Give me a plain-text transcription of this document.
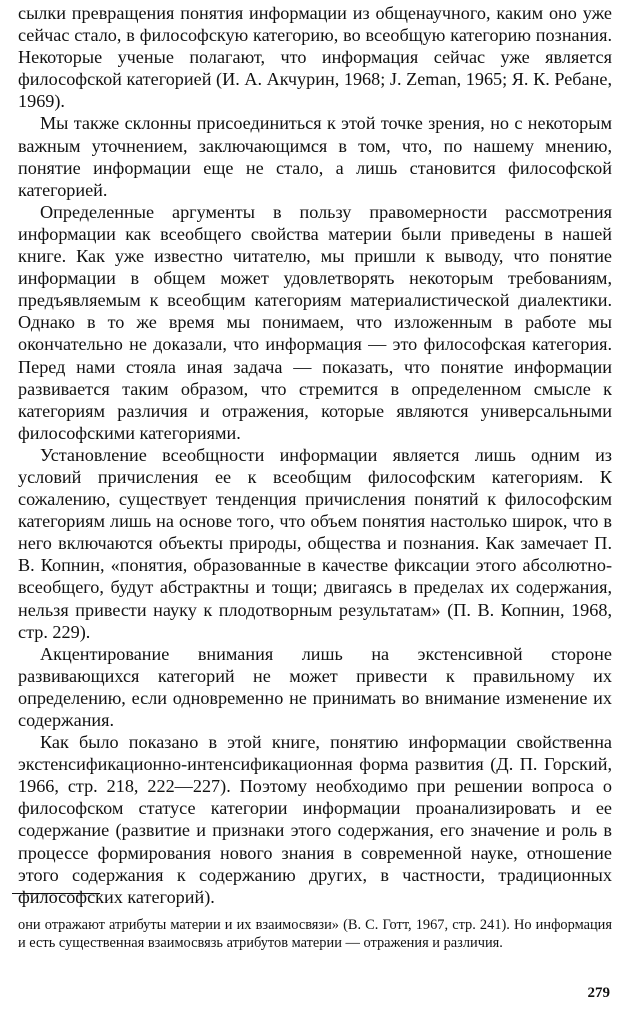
сылки превращения понятия информации из общенаучного, каким оно уже сейчас стало, в философскую категорию, во всеобщую категорию познания. Некоторые ученые полагают, что информация сейчас уже является философской категорией (И. А. Акчурин, 1968; J. Zeman, 1965; Я. К. Ребане, 1969).

Мы также склонны присоединиться к этой точке зрения, но с некоторым важным уточнением, заключающимся в том, что, по нашему мнению, понятие информации еще не стало, а лишь становится философской категорией.

Определенные аргументы в пользу правомерности рассмотрения информации как всеобщего свойства материи были приведены в нашей книге. Как уже известно читателю, мы пришли к выводу, что понятие информации в общем может удовлетворять некоторым требованиям, предъявляемым к всеобщим категориям материалистической диалектики. Однако в то же время мы понимаем, что изложенным в работе мы окончательно не доказали, что информация — это философская категория. Перед нами стояла иная задача — показать, что понятие информации развивается таким образом, что стремится в определенном смысле к категориям различия и отражения, которые являются универсальными философскими категориями.

Установление всеобщности информации является лишь одним из условий причисления ее к всеобщим философским категориям. К сожалению, существует тенденция причисления понятий к философским категориям лишь на основе того, что объем понятия настолько широк, что в него включаются объекты природы, общества и познания. Как замечает П. В. Копнин, «понятия, образованные в качестве фиксации этого абсолютно-всеобщего, будут абстрактны и тощи; двигаясь в пределах их содержания, нельзя привести науку к плодотворным результатам» (П. В. Копнин, 1968, стр. 229).

Акцентирование внимания лишь на экстенсивной стороне развивающихся категорий не может привести к правильному их определению, если одновременно не принимать во внимание изменение их содержания.

Как было показано в этой книге, понятию информации свойственна экстенсификационно-интенсификационная форма развития (Д. П. Горский, 1966, стр. 218, 222—227). Поэтому необходимо при решении вопроса о философском статусе категории информации проанализировать и ее содержание (развитие и признаки этого содержания, его значение и роль в процессе формирования нового знания в современной науке, отношение этого содержания к содержанию других, в частности, традиционных философских категорий).

они отражают атрибуты материи и их взаимосвязи» (В. С. Готт, 1967, стр. 241). Но информация и есть существенная взаимосвязь атрибутов материи — отражения и различия.

279
